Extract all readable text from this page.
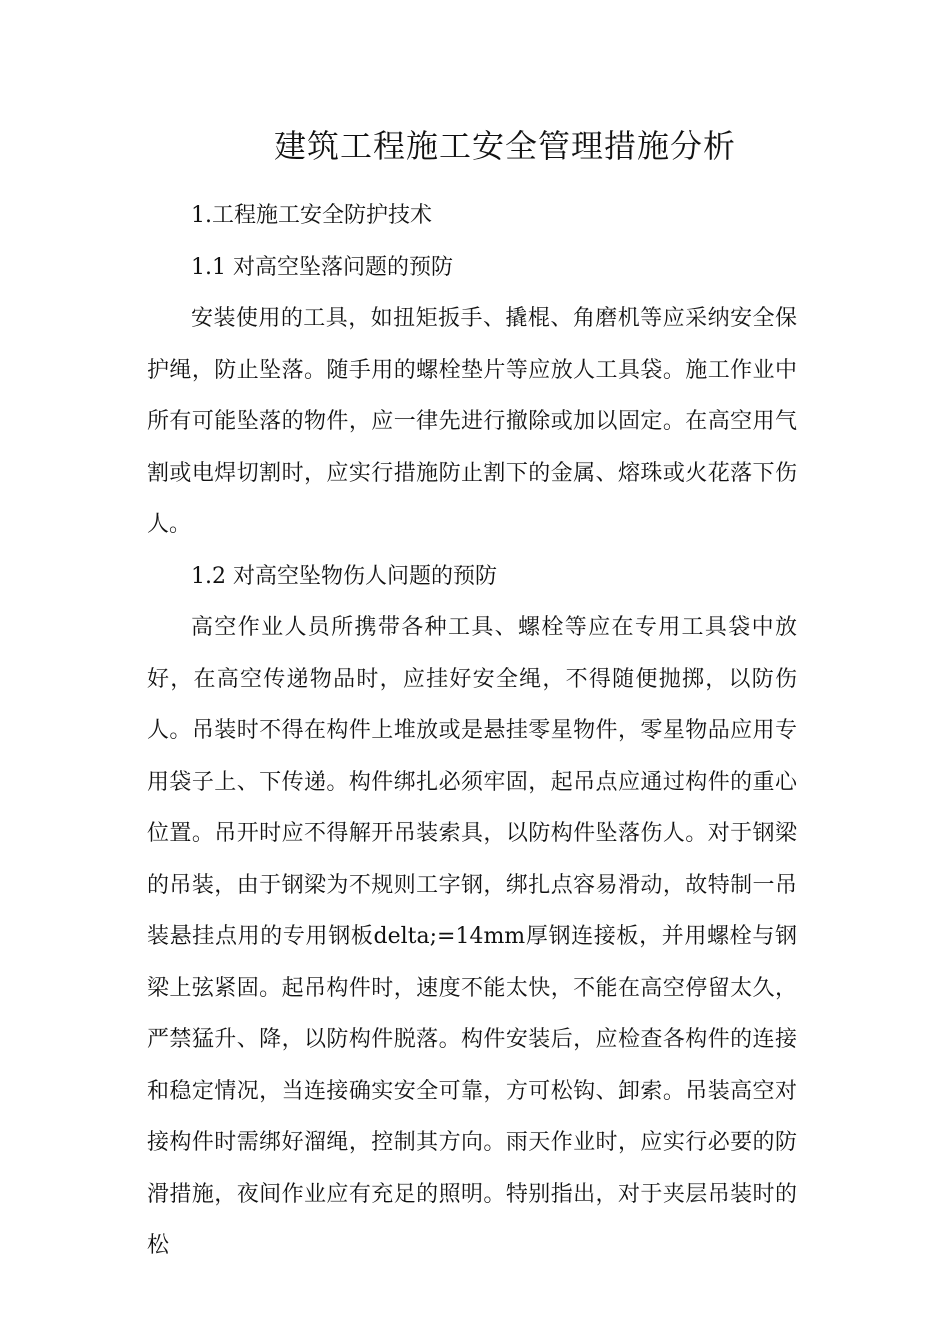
建筑工程施工安全管理措施分析

1.工程施工安全防护技术

1.1 对高空坠落问题的预防

安装使用的工具，如扭矩扳手、撬棍、角磨机等应采纳安全保护绳，防止坠落。随手用的螺栓垫片等应放人工具袋。施工作业中所有可能坠落的物件，应一律先进行撤除或加以固定。在高空用气割或电焊切割时，应实行措施防止割下的金属、熔珠或火花落下伤人。

1.2 对高空坠物伤人问题的预防

高空作业人员所携带各种工具、螺栓等应在专用工具袋中放好，在高空传递物品时，应挂好安全绳，不得随便抛掷，以防伤人。吊装时不得在构件上堆放或是悬挂零星物件，零星物品应用专用袋子上、下传递。构件绑扎必须牢固，起吊点应通过构件的重心位置。吊开时应不得解开吊装索具，以防构件坠落伤人。对于钢梁的吊装，由于钢梁为不规则工字钢，绑扎点容易滑动，故特制一吊装悬挂点用的专用钢板delta;=14mm厚钢连接板，并用螺栓与钢梁上弦紧固。起吊构件时，速度不能太快，不能在高空停留太久，严禁猛升、降，以防构件脱落。构件安装后，应检查各构件的连接和稳定情况，当连接确实安全可靠，方可松钩、卸索。吊装高空对接构件时需绑好溜绳，控制其方向。雨天作业时，应实行必要的防滑措施，夜间作业应有充足的照明。特别指出，对于夹层吊装时的松
